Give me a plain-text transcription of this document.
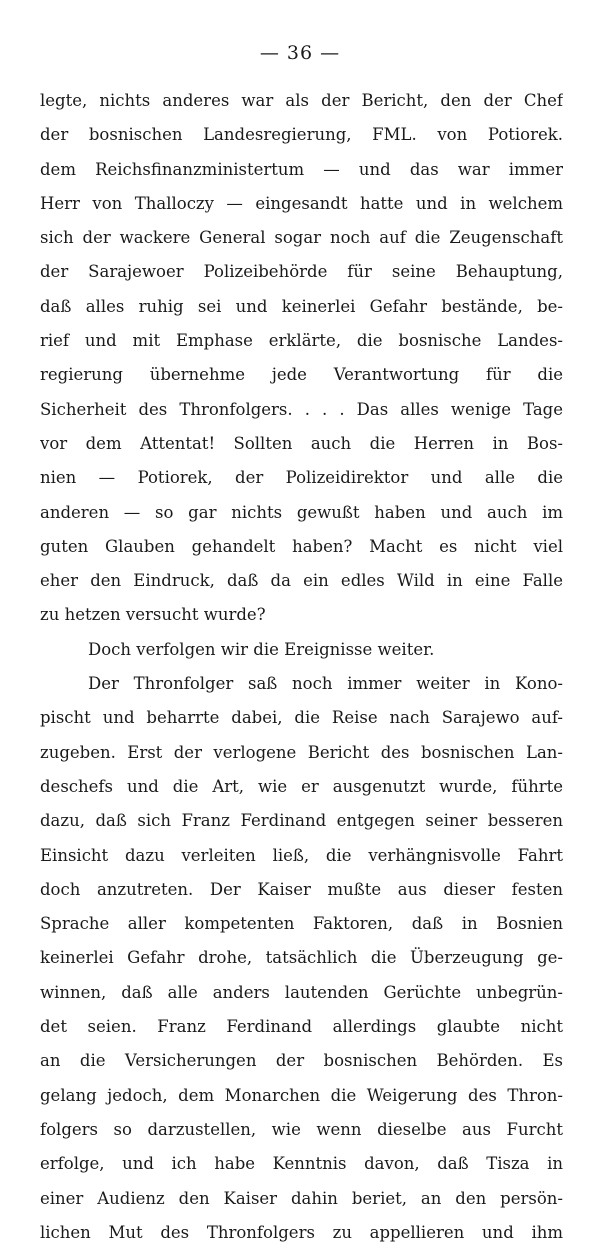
— 36 —
legte, nichts anderes war als der Bericht, den der Chef
der bosnischen Landesregierung, FML. von Potiorek.
dem Reichsfinanzministertum — und das war immer
Herr von Thalloczy — eingesandt hatte und in welchem
sich der wackere General sogar noch auf die Zeugenschaft
der Sarajewoer Polizeibehörde für seine Behauptung,
daß alles ruhig sei und keinerlei Gefahr bestände, be-
rief und mit Emphase erklärte, die bosnische Landes-
regierung übernehme jede Verantwortung für die
Sicherheit des Thronfolgers. . . . Das alles wenige Tage
vor dem Attentat! Sollten auch die Herren in Bos-
nien — Potiorek, der Polizeidirektor und alle die
anderen — so gar nichts gewußt haben und auch im
guten Glauben gehandelt haben? Macht es nicht viel
eher den Eindruck, daß da ein edles Wild in eine Falle
zu hetzen versucht wurde?
Doch verfolgen wir die Ereignisse weiter.
Der Thronfolger saß noch immer weiter in Kono-
pischt und beharrte dabei, die Reise nach Sarajewo auf-
zugeben. Erst der verlogene Bericht des bosnischen Lan-
deschefs und die Art, wie er ausgenutzt wurde, führte
dazu, daß sich Franz Ferdinand entgegen seiner besseren
Einsicht dazu verleiten ließ, die verhängnisvolle Fahrt
doch anzutreten. Der Kaiser mußte aus dieser festen
Sprache aller kompetenten Faktoren, daß in Bosnien
keinerlei Gefahr drohe, tatsächlich die Überzeugung ge-
winnen, daß alle anders lautenden Gerüchte unbegrün-
det seien. Franz Ferdinand allerdings glaubte nicht
an die Versicherungen der bosnischen Behörden. Es
gelang jedoch, dem Monarchen die Weigerung des Thron-
folgers so darzustellen, wie wenn dieselbe aus Furcht
erfolge, und ich habe Kenntnis davon, daß Tisza in
einer Audienz den Kaiser dahin beriet, an den persön-
lichen Mut des Thronfolgers zu appellieren und ihm
